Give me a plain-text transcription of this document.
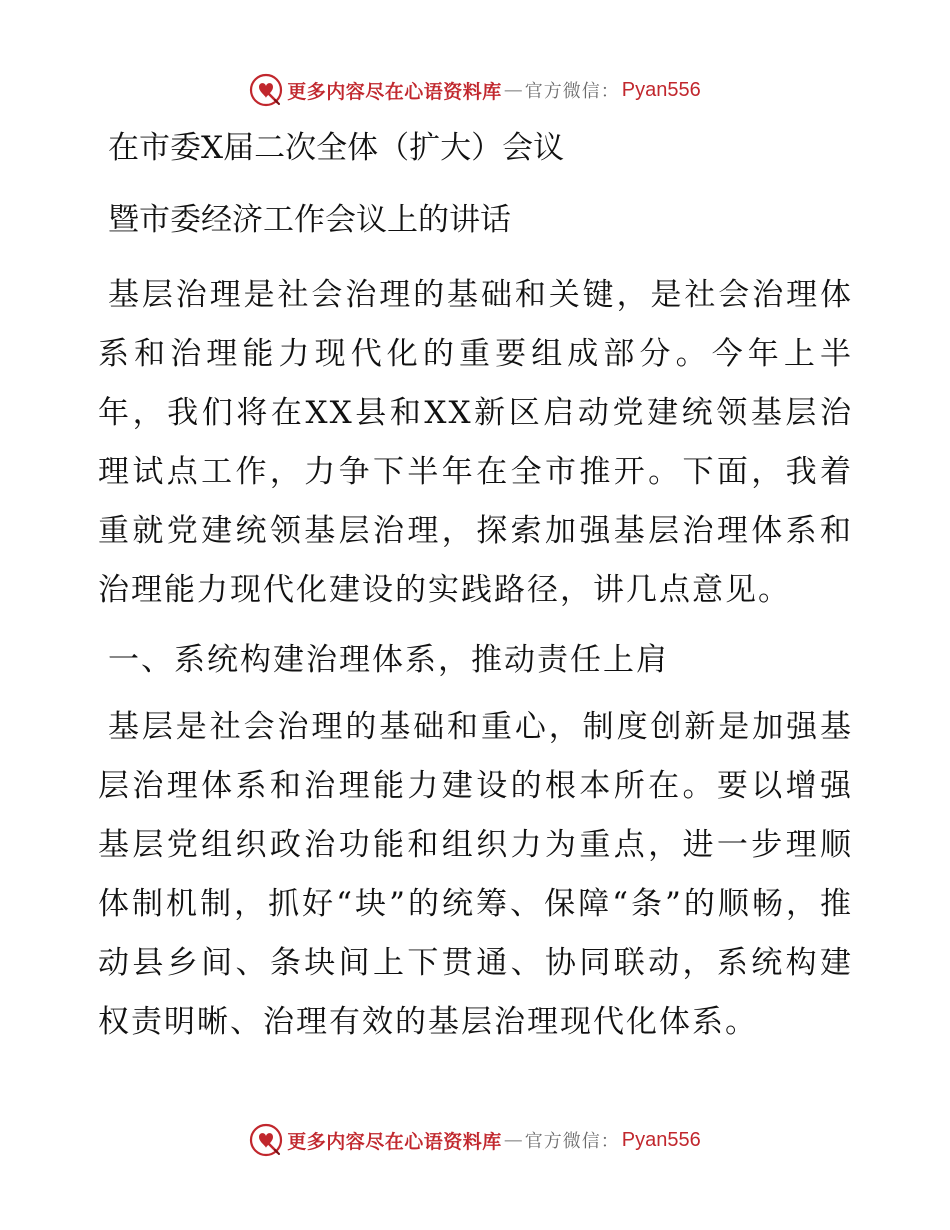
更多内容尽在心语资料库 — 官方微信： Pyan556
在市委X届二次全体（扩大）会议
暨市委经济工作会议上的讲话

基层治理是社会治理的基础和关键，是社会治理体系和治理能力现代化的重要组成部分。今年上半年，我们将在XX县和XX新区启动党建统领基层治理试点工作，力争下半年在全市推开。下面，我着重就党建统领基层治理，探索加强基层治理体系和治理能力现代化建设的实践路径，讲几点意见。

一、系统构建治理体系，推动责任上肩

基层是社会治理的基础和重心，制度创新是加强基层治理体系和治理能力建设的根本所在。要以增强基层党组织政治功能和组织力为重点，进一步理顺体制机制，抓好“块”的统筹、保障“条”的顺畅，推动县乡间、条块间上下贯通、协同联动，系统构建权责明晰、治理有效的基层治理现代化体系。

更多内容尽在心语资料库 — 官方微信： Pyan556
